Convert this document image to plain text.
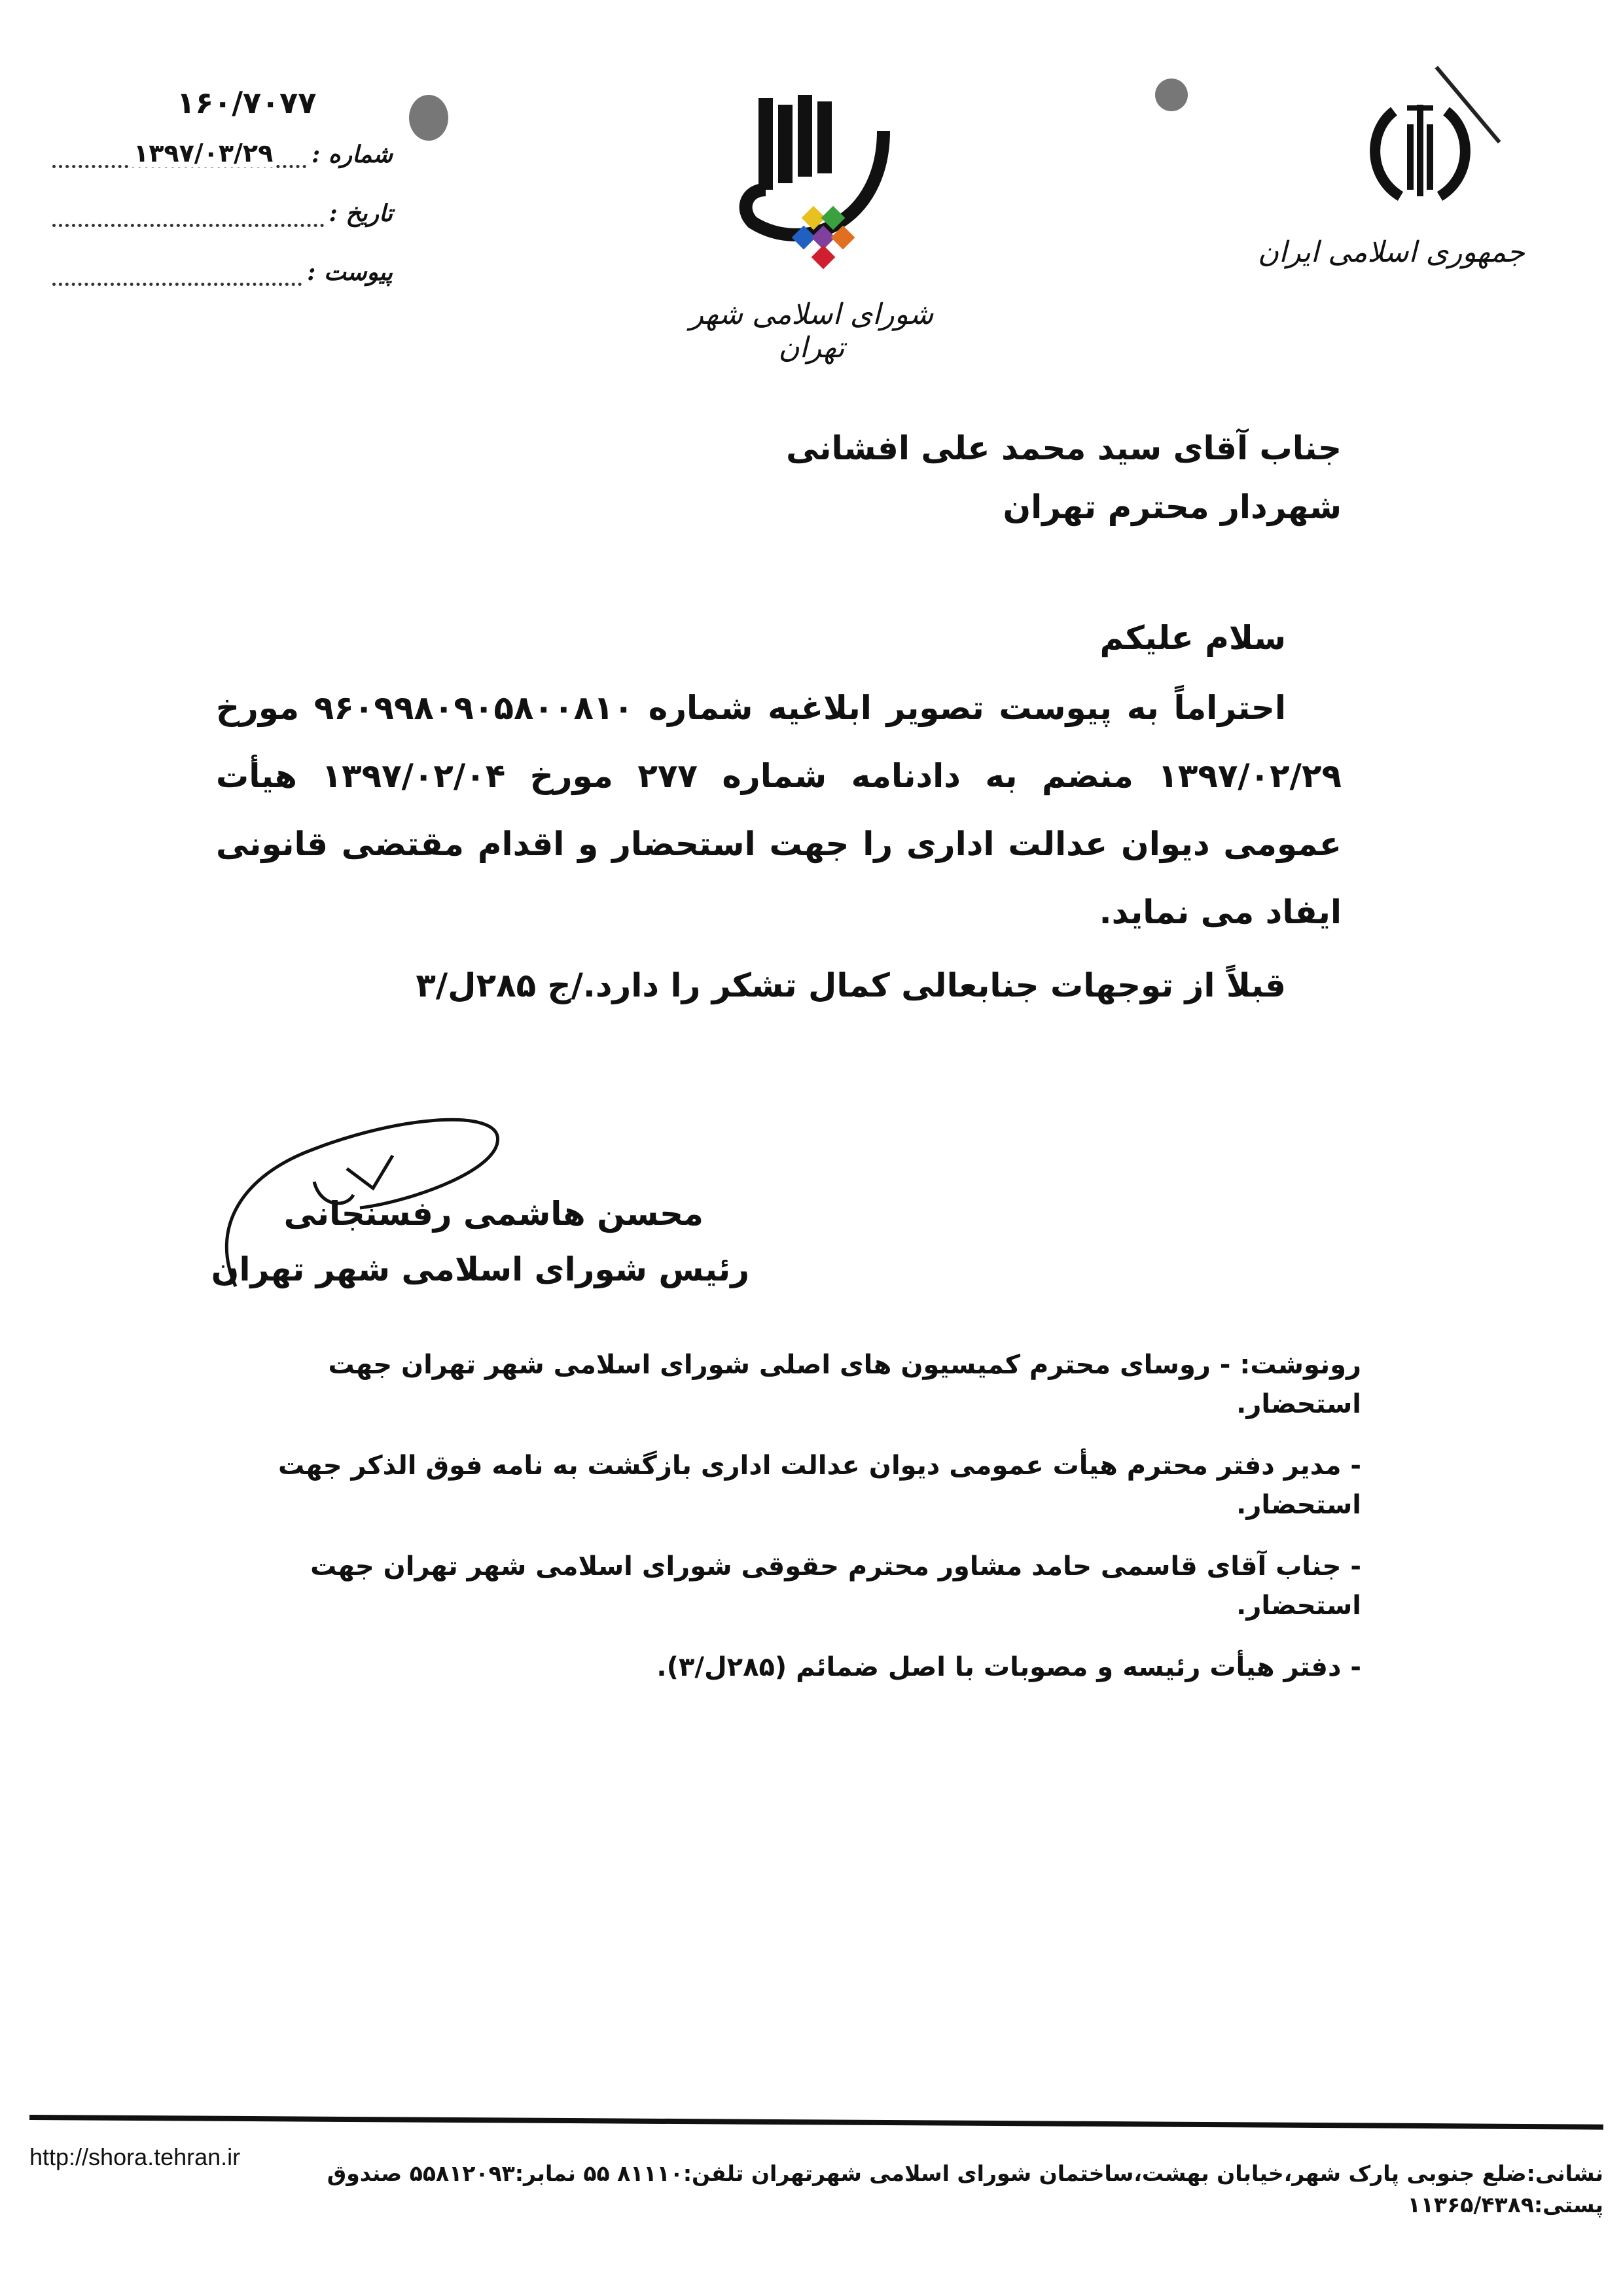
۱۶۰/۷۰۷۷
شماره :
۱۳۹۷/۰۳/۲۹
تاریخ :
پیوست :
شورای اسلامی شهر تهران
جمهوری اسلامی ایران
جناب آقای سید محمد علی افشانی
شهردار محترم تهران
سلام علیکم
احتراماً به پیوست تصویر ابلاغیه شماره ۹۶۰۹۹۸۰۹۰۵۸۰۰۸۱۰ مورخ ۱۳۹۷/۰۲/۲۹ منضم به دادنامه شماره ۲۷۷ مورخ ۱۳۹۷/۰۲/۰۴ هیأت عمومی دیوان عدالت اداری را جهت استحضار و اقدام مقتضی قانونی ایفاد می نماید.
قبلاً از توجهات جنابعالی کمال تشکر را دارد./ج ۲۸۵ل/۳
محسن هاشمی رفسنجانی
رئیس شورای اسلامی شهر تهران
رونوشت: - روسای محترم کمیسیون های اصلی شورای اسلامی شهر تهران جهت استحضار.
- مدیر دفتر محترم هیأت عمومی دیوان عدالت اداری بازگشت به نامه فوق الذکر جهت استحضار.
- جناب آقای قاسمی حامد مشاور محترم حقوقی شورای اسلامی شهر تهران جهت استحضار.
- دفتر هیأت رئیسه و مصوبات با اصل ضمائم (۲۸۵ل/۳).
http://shora.tehran.ir
نشانی:ضلع جنوبی پارک شهر،خیابان بهشت،ساختمان شورای اسلامی شهرتهران تلفن:۸۱۱۱۰ ۵۵ نمابر:۵۵۸۱۲۰۹۳ صندوق پستی:۱۱۳۶۵/۴۳۸۹
